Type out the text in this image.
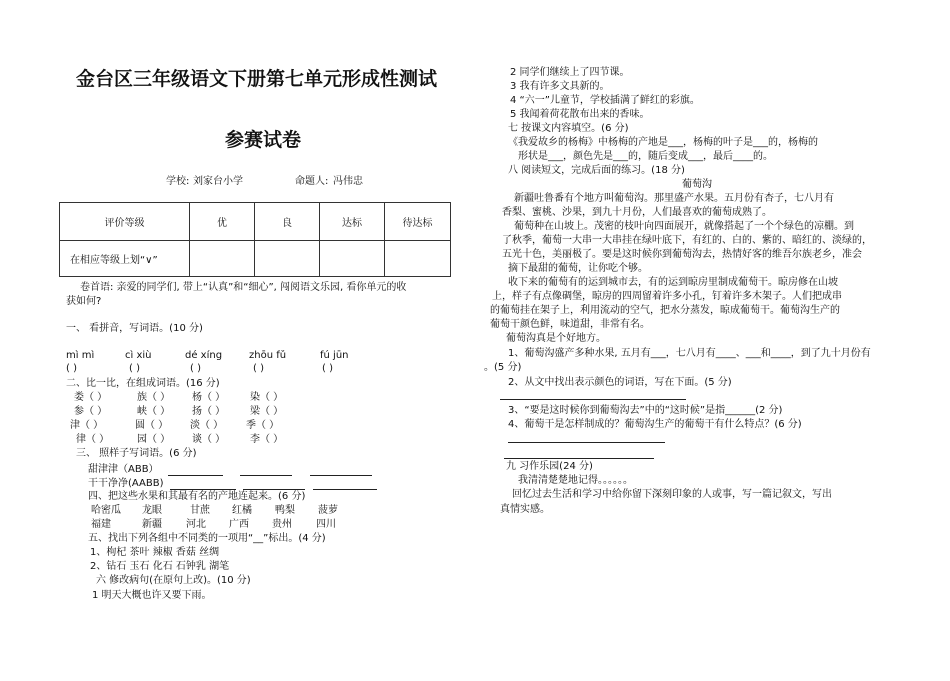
金台区三年级语文下册第七单元形成性测试
参赛试卷
学校: 刘家台小学	命题人: 冯伟忠
评价等级	优	良	达标	待达标
在相应等级上划“∨”				
卷首语: 亲爱的同学们, 带上“认真”和“细心”, 闯阅语文乐园, 看你单元的收
获如何?
一、 看拼音，写词语。(10 分)
mì mì	cì xiù	dé xíng	zhōu fǔ	fú jūn
( )	( )	( )	( )	( )
二、比一比，在组成词语。(16 分)
娄（ ）	族（ ） 杨（ ） 染（ ）
参（ ）	峡（ ） 扬（ ） 梁（ ）
津（ ）	圆（ ） 淡（ ） 季（ ）
律（ ）	园（ ） 谈（ ） 李（ ）
三、 照样子写词语。(6 分)
甜津津（ABB）
干干净净(AABB)
四、把这些水果和其最有名的产地连起来。(6 分)
哈密瓜 龙眼	甘蔗 红橘 鸭梨 菠萝
福建	新疆 河北 广西 贵州 四川
五、找出下列各组中不同类的一项用“__”标出。(4 分)
1、枸杞 茶叶 辣椒 香菇 丝绸
2、钻石 玉石 化石 石钟乳 湖笔
六 修改病句(在原句上改)。(10 分)
1 明天大概也许又要下雨。
2 同学们继续上了四节课。
3 我有许多文具新的。
4 “六一”儿童节，学校插满了鲜红的彩旗。
5 我闻着荷花散布出来的香味。
七 按课文内容填空。(6 分)
《我爱故乡的杨梅》中杨梅的产地是___，杨梅的叶子是___的，杨梅的
形状是___，颜色先是___的，随后变成___，最后____的。
八 阅读短文，完成后面的练习。(18 分)
葡萄沟
新疆吐鲁番有个地方叫葡萄沟。那里盛产水果。五月份有杏子，七八月有
香梨、蜜桃、沙果，到九十月份，人们最喜欢的葡萄成熟了。
葡萄种在山坡上。茂密的枝叶向四面展开，就像搭起了一个个绿色的凉棚。到
了秋季，葡萄一大串一大串挂在绿叶底下，有红的、白的、紫的、暗红的、淡绿的，
五光十色，美丽极了。要是这时候你到葡萄沟去，热情好客的维吾尔族老乡，准会
摘下最甜的葡萄，让你吃个够。
收下来的葡萄有的运到城市去，有的运到晾房里制成葡萄干。晾房修在山坡
上，样子有点像碉堡，晾房的四周留着许多小孔，钉着许多木架子。人们把成串
的葡萄挂在架子上，利用流动的空气，把水分蒸发，晾成葡萄干。葡萄沟生产的
葡萄干颜色鲜，味道甜，非常有名。
葡萄沟真是个好地方。
1、葡萄沟盛产多种水果, 五月有___，七八月有____、___和____，到了九十月份有
。(5 分)
2、从文中找出表示颜色的词语，写在下面。(5 分)
3、“要是这时候你到葡萄沟去”中的“这时候”是指______(2 分)
4、葡萄干是怎样制成的？葡萄沟生产的葡萄干有什么特点？(6 分)
九 习作乐园(24 分)
我清清楚楚地记得。。。。。。
回忆过去生活和学习中给你留下深刻印象的人或事，写一篇记叙文，写出
真情实感。
